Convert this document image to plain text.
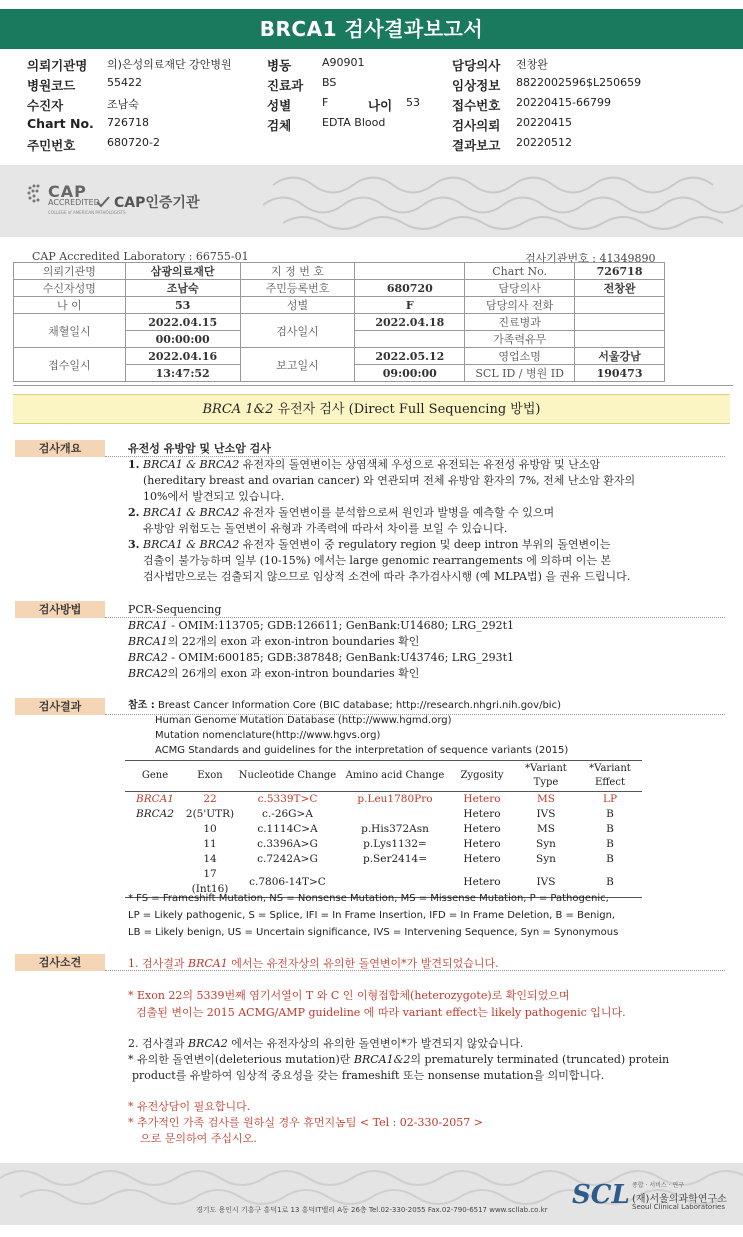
BRCA1 검사결과보고서
의뢰기관명 의)은성의료재단 강안병원	병동	A90901	담당의사 전창완
병원코드	55422	진료과 BS	임상정보 8822002596$L250659
수진자	조남숙	성별	F	나이 53	접수번호 20220415-66799
Chart No. 726718	검체	EDTA Blood	검사의뢰 20220415
주민번호	680720-2	결과보고 20220512
CAP
ACCREDITED
COLLEGE of AMERICAN PATHOLOGISTS
CAP인증기관
CAP Accredited Laboratory : 66755-01	검사기관번호 : 41349890
의뢰기관명	삼광의료재단	지 정 번 호		Chart No.	726718
수신자성명	조남숙	주민등록번호	680720	담당의사	전창완
나 이	53	성별	F	담당의사 전화	
채혈일시	2022.04.15	검사일시	2022.04.18	진료병과	
	00:00:00			가족력유무	
접수일시	2022.04.16	보고일시	2022.05.12	영업소명	서울강남
	13:47:52		09:00:00	SCL ID / 병원 ID	190473
BRCA 1&2 유전자 검사 (Direct Full Sequencing 방법)
검사개요	유전성 유방암 및 난소암 검사
1. BRCA1 & BRCA2 유전자의 돌연변이는 상염색체 우성으로 유전되는 유전성 유방암 및 난소암
(hereditary breast and ovarian cancer) 와 연관되며 전체 유방암 환자의 7%, 전체 난소암 환자의
10%에서 발견되고 있습니다.
2. BRCA1 & BRCA2 유전자 돌연변이를 분석함으로써 원인과 발병을 예측할 수 있으며
유방암 위험도는 돌연변이 유형과 가족력에 따라서 차이를 보일 수 있습니다.
3. BRCA1 & BRCA2 유전자 돌연변이 중 regulatory region 및 deep intron 부위의 돌연변이는
검출이 불가능하며 일부 (10-15%) 에서는 large genomic rearrangements 에 의하며 이는 본
검사법만으로는 검출되지 않으므로 임상적 소견에 따라 추가검사시행 (예 MLPA법) 을 권유 드립니다.
검사방법	PCR-Sequencing
BRCA1 - OMIM:113705; GDB:126611; GenBank:U14680; LRG_292t1
BRCA1의 22개의 exon 과 exon-intron boundaries 확인
BRCA2 - OMIM:600185; GDB:387848; GenBank:U43746; LRG_293t1
BRCA2의 26개의 exon 과 exon-intron boundaries 확인
검사결과	참조 : Breast Cancer Information Core (BIC database; http://research.nhgri.nih.gov/bic)
Human Genome Mutation Database (http://www.hgmd.org)
Mutation nomenclature(http://www.hgvs.org)
ACMG Standards and guidelines for the interpretation of sequence variants (2015)
Gene	Exon	Nucleotide Change	Amino acid Change	Zygosity	*Variant Type	*Variant Effect
BRCA1	22	c.5339T>C	p.Leu1780Pro	Hetero	MS	LP
BRCA2	2(5'UTR)	c.-26G>A		Hetero	IVS	B
	10	c.1114C>A	p.His372Asn	Hetero	MS	B
	11	c.3396A>G	p.Lys1132=	Hetero	Syn	B
	14	c.7242A>G	p.Ser2414=	Hetero	Syn	B
	17 (Int16)	c.7806-14T>C		Hetero	IVS	B
* FS = Frameshift Mutation, NS = Nonsense Mutation, MS = Missense Mutation, P = Pathogenic,
LP = Likely pathogenic, S = Splice, IFI = In Frame Insertion, IFD = In Frame Deletion, B = Benign,
LB = Likely benign, US = Uncertain significance, IVS = Intervening Sequence, Syn = Synonymous
검사소견	1. 검사결과 BRCA1 에서는 유전자상의 유의한 돌연변이*가 발견되었습니다.
* Exon 22의 5339번째 염기서열이 T 와 C 인 이형접합체(heterozygote)로 확인되었으며
검출된 변이는 2015 ACMG/AMP guideline 에 따라 variant effect는 likely pathogenic 입니다.
2. 검사결과 BRCA2 에서는 유전자상의 유의한 돌연변이*가 발견되지 않았습니다.
* 유의한 돌연변이(deleterious mutation)란 BRCA1&2의 prematurely terminated (truncated) protein
product를 유발하여 임상적 중요성을 갖는 frameshift 또는 nonsense mutation을 의미합니다.
* 유전상담이 필요합니다.
* 추가적인 가족 검사를 원하실 경우 휴먼지놈팀 < Tel : 02-330-2057 >
으로 문의하여 주십시오.
경기도 용인시 기흥구 흥덕1로 13 흥덕IT밸리 A동 26층 Tel.02-330-2055 Fax.02-790-6517 www.scllab.co.kr SCL 종합 · 서비스 · 연구
(재)서울의과학연구소
Seoul Clinical Laboratories
